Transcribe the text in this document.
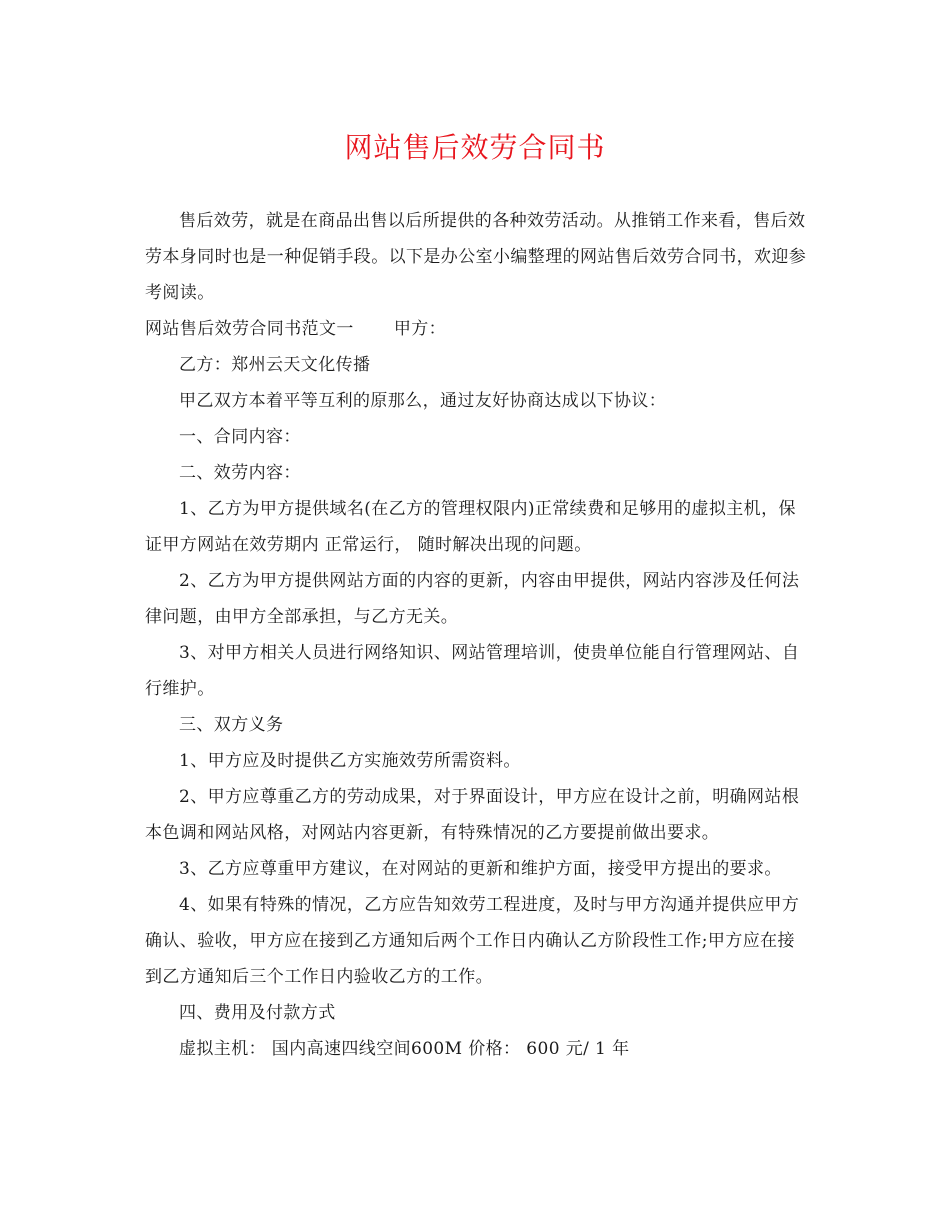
网站售后效劳合同书

售后效劳，就是在商品出售以后所提供的各种效劳活动。从推销工作来看，售后效劳本身同时也是一种促销手段。以下是办公室小编整理的网站售后效劳合同书，欢迎参考阅读。

网站售后效劳合同书范文一 甲方：

乙方：郑州云天文化传播

甲乙双方本着平等互利的原那么，通过友好协商达成以下协议：

一、合同内容：

二、效劳内容：

1、乙方为甲方提供域名(在乙方的管理权限内)正常续费和足够用的虚拟主机，保证甲方网站在效劳期内 正常运行， 随时解决出现的问题。

2、乙方为甲方提供网站方面的内容的更新，内容由甲提供，网站内容涉及任何法律问题，由甲方全部承担，与乙方无关。

3、对甲方相关人员进行网络知识、网站管理培训，使贵单位能自行管理网站、自行维护。

三、双方义务

1、甲方应及时提供乙方实施效劳所需资料。

2、甲方应尊重乙方的劳动成果，对于界面设计，甲方应在设计之前，明确网站根本色调和网站风格，对网站内容更新，有特殊情况的乙方要提前做出要求。

3、乙方应尊重甲方建议，在对网站的更新和维护方面，接受甲方提出的要求。

4、如果有特殊的情况，乙方应告知效劳工程进度，及时与甲方沟通并提供应甲方确认、验收，甲方应在接到乙方通知后两个工作日内确认乙方阶段性工作;甲方应在接到乙方通知后三个工作日内验收乙方的工作。

四、费用及付款方式

虚拟主机： 国内高速四线空间600M 价格： 600 元/ 1 年
